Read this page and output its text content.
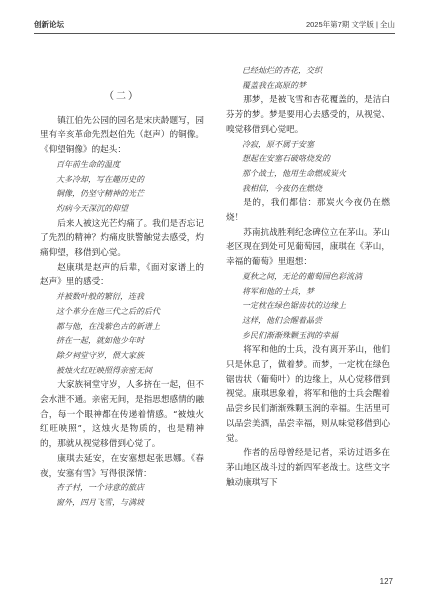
创新论坛	2025年第7期 文学版 | 全山
（二）

镇江伯先公园的园名是宋庆龄题写，园里有辛亥革命先烈赵伯先（赵声）的铜像。《仰望铜像》的起头：

百年前生命的温度

大多冷却，写在趣历史的

铜像，仍坚守精神的光芒

灼病今天深沉的仰望

后来人被这光芒灼痛了。我们是否忘记了先烈的精神？灼痛皮肤警触觉去感受，灼痛仰望，移借到心觉。

赵康琪是赵声的后辈，《面对家谱上的赵声》里的感受：

并被数叶般的繁衍，连我

这个革分在他三代之后的后代

都与他，在浅紫色古的新谱上

挤在一起，就如他少年时

除夕祠堂守岁，偎大家族

被烛火红旺映照得亲密无间

大家族祠堂守岁，人多挤在一起，但不会水泄不通。亲密无间，是指思想感情的融合，每一个眼神都在传递着情感。“被烛火红旺映照”，这烛火是物质的，也是精神的，那就从视觉移借到心觉了。

康琪去延安，在安塞想起张思娜。《春夜，安塞有雪》写得很深情：

杏子村，一个诗意的旅店

窗外，四月飞雪，与满坡

已经灿烂的杏花，交织

覆盖我在高原的梦

那梦，是被飞雪和杏花覆盖的，是洁白芬芳的梦。梦是要用心去感受的，从视觉、嗅觉移借到心觉吧。

冷寂，原不属于安塞

想起在安塞石破咯烧发的

那个战士，他用生命燃成炭火

我相信，今夜仍在燃烧

是的，我们都信：那炭火今夜仍在燃烧！

苏南抗战胜利纪念碑位立在茅山。茅山老区现在到处可见葡萄园，康琪在《茅山，幸福的葡萄》里遐想：

夏秋之间，无论的葡萄园色彩流淌

将军和他的士兵，梦

一定枕在绿色锯齿状的边缘上

这样，他们会醒着晶尝

乡民们渐渐殊颗玉润的幸福

将军和他的士兵，没有离开茅山，他们只是休息了，做着梦。而梦，一定枕在绿色锯齿状（葡萄叶）的边缘上，从心觉移借到视觉。康琪思象着，将军和他的士兵会醒着品尝乡民们渐渐殊颗玉润的幸福。生活里可以品尝美酒，品尝幸福，则从味觉移借到心觉。

作者的岳母曾经是记者，采访过语多在茅山地区战斗过的新四军老战士。这些文字触动康琪写下

127
